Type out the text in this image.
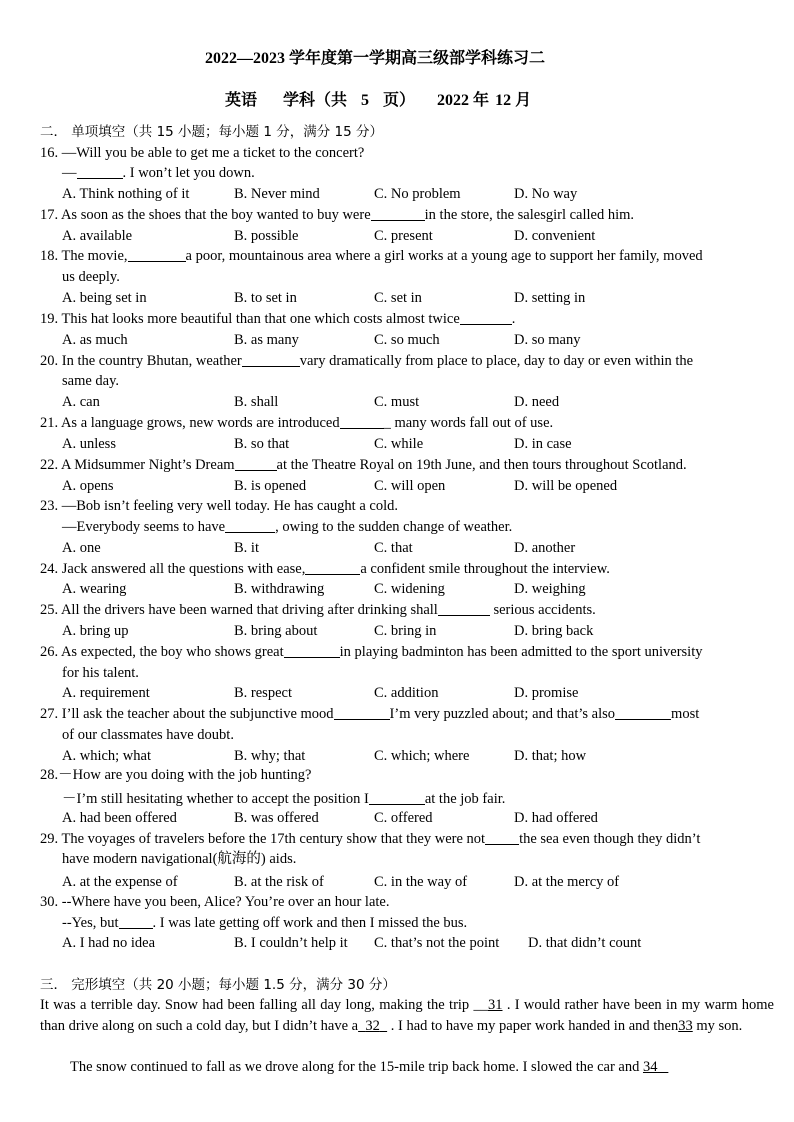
2022—2023 学年度第一学期高三级部学科练习二
英语 学科（共 5 页） 2022 年 12 月
二． 单项填空（共 15 小题；每小题 1 分，满分 15 分）
16. —Will you be able to get me a ticket to the concert?
—	. I won’t let you down.
A. Think nothing of it	B. Never mind	C. No problem	D. No way
17. As soon as the shoes that the boy wanted to buy were	in the store, the salesgirl called him.
A. available	B. possible	C. present	D. convenient
18. The movie,	a poor, mountainous area where a girl works at a young age to support her family, moved
us deeply.
A. being set in	B. to set in	C. set in	D. setting in
19. This hat looks more beautiful than that one which costs almost twice	.
A. as much	B. as many	C. so much	D. so many
20. In the country Bhutan, weather	vary dramatically from place to place, day to day or even within the
same day.
A. can	B. shall	C. must	D. need
21. As a language grows, new words are introduced	_ many words fall out of use.
A. unless	B. so that	C. while	D. in case
22. A Midsummer Night’s Dream	at the Theatre Royal on 19th June, and then tours throughout Scotland.
A. opens	B. is opened	C. will open	D. will be opened
23. —Bob isn’t feeling very well today. He has caught a cold.
—Everybody seems to have	, owing to the sudden change of weather.
A. one	B. it	C. that	D. another
24. Jack answered all the questions with ease,	a confident smile throughout the interview.
A. wearing	B. withdrawing	C. widening	D. weighing
25. All the drivers have been warned that driving after drinking shall	serious accidents.
A. bring up	B. bring about	C. bring in	D. bring back
26. As expected, the boy who shows great	in playing badminton has been admitted to the sport university
for his talent.
A. requirement	B. respect	C. addition	D. promise
27. I’ll ask the teacher about the subjunctive mood	I’m very puzzled about; and that’s also	most
of our classmates have doubt.
A. which; what	B. why; that	C. which; where	D. that; how
28.－How are you doing with the job hunting?
－I’m still hesitating whether to accept the position I	at the job fair.
A. had been offered	B. was offered	C. offered	D. had offered
29. The voyages of travelers before the 17th century show that they were not the sea even though they didn’t
have modern navigational(航海的) aids.
A. at the expense of	B. at the risk of	C. in the way of	D. at the mercy of
30. --Where have you been, Alice? You’re over an hour late.
--Yes, but . I was late getting off work and then I missed the bus.
A. I had no idea	B. I couldn’t help it C. that’s not the point D. that didn’t count
三． 完形填空（共 20 小题；每小题 1.5 分，满分 30 分）
It was a terrible day. Snow had been falling all day long, making the trip __31 . I would rather have been in my warm home than drive along on such a cold day, but I didn’t have a 32   . I had to have my paper work handed in and then33 my son.
The snow continued to fall as we drove along for the 15-mile trip back home. I slowed the car and 34
